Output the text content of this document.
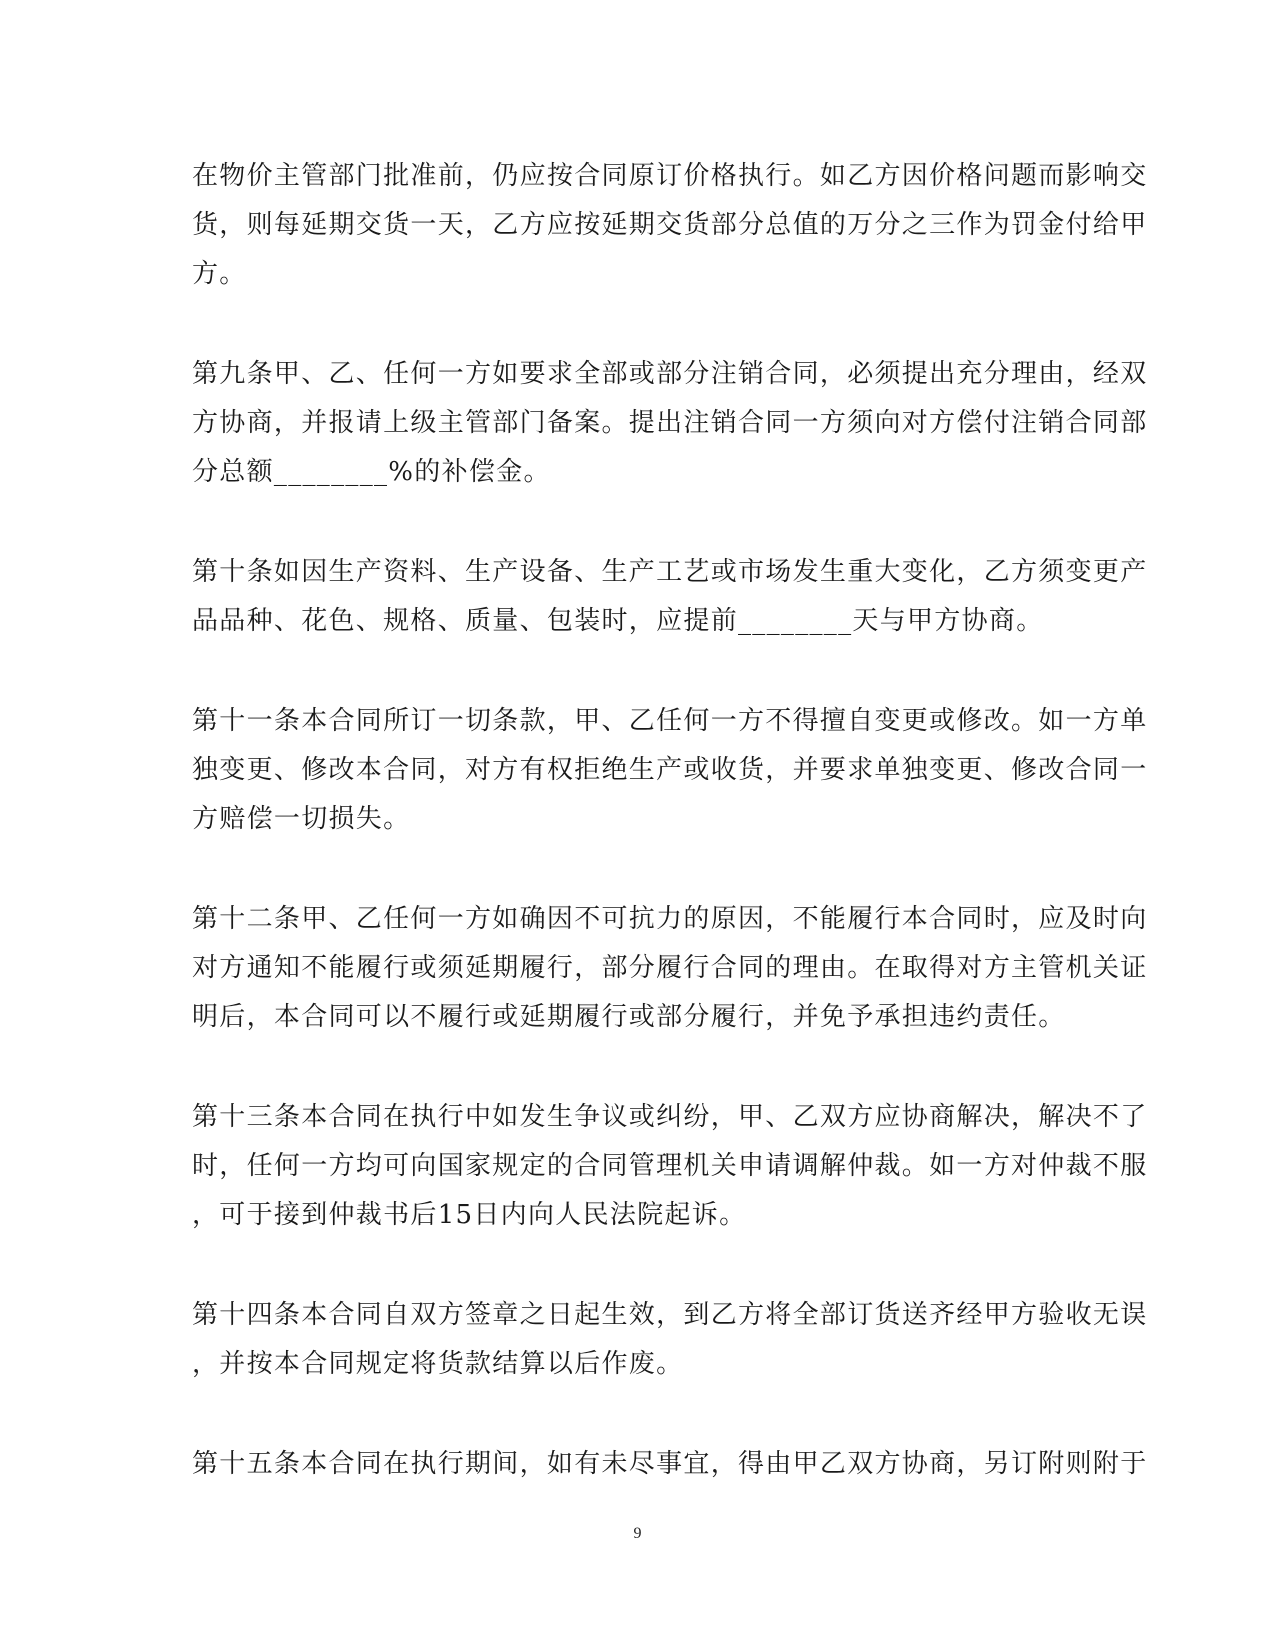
在物价主管部门批准前，仍应按合同原订价格执行。如乙方因价格问题而影响交
货，则每延期交货一天，乙方应按延期交货部分总值的万分之三作为罚金付给甲
方。

第九条甲、乙、任何一方如要求全部或部分注销合同，必须提出充分理由，经双
方协商，并报请上级主管部门备案。提出注销合同一方须向对方偿付注销合同部
分总额________%的补偿金。

第十条如因生产资料、生产设备、生产工艺或市场发生重大变化，乙方须变更产
品品种、花色、规格、质量、包装时，应提前________天与甲方协商。

第十一条本合同所订一切条款，甲、乙任何一方不得擅自变更或修改。如一方单
独变更、修改本合同，对方有权拒绝生产或收货，并要求单独变更、修改合同一
方赔偿一切损失。

第十二条甲、乙任何一方如确因不可抗力的原因，不能履行本合同时，应及时向
对方通知不能履行或须延期履行，部分履行合同的理由。在取得对方主管机关证
明后，本合同可以不履行或延期履行或部分履行，并免予承担违约责任。

第十三条本合同在执行中如发生争议或纠纷，甲、乙双方应协商解决，解决不了
时，任何一方均可向国家规定的合同管理机关申请调解仲裁。如一方对仲裁不服
，可于接到仲裁书后15日内向人民法院起诉。

第十四条本合同自双方签章之日起生效，到乙方将全部订货送齐经甲方验收无误
，并按本合同规定将货款结算以后作废。

第十五条本合同在执行期间，如有未尽事宜，得由甲乙双方协商，另订附则附于

9
